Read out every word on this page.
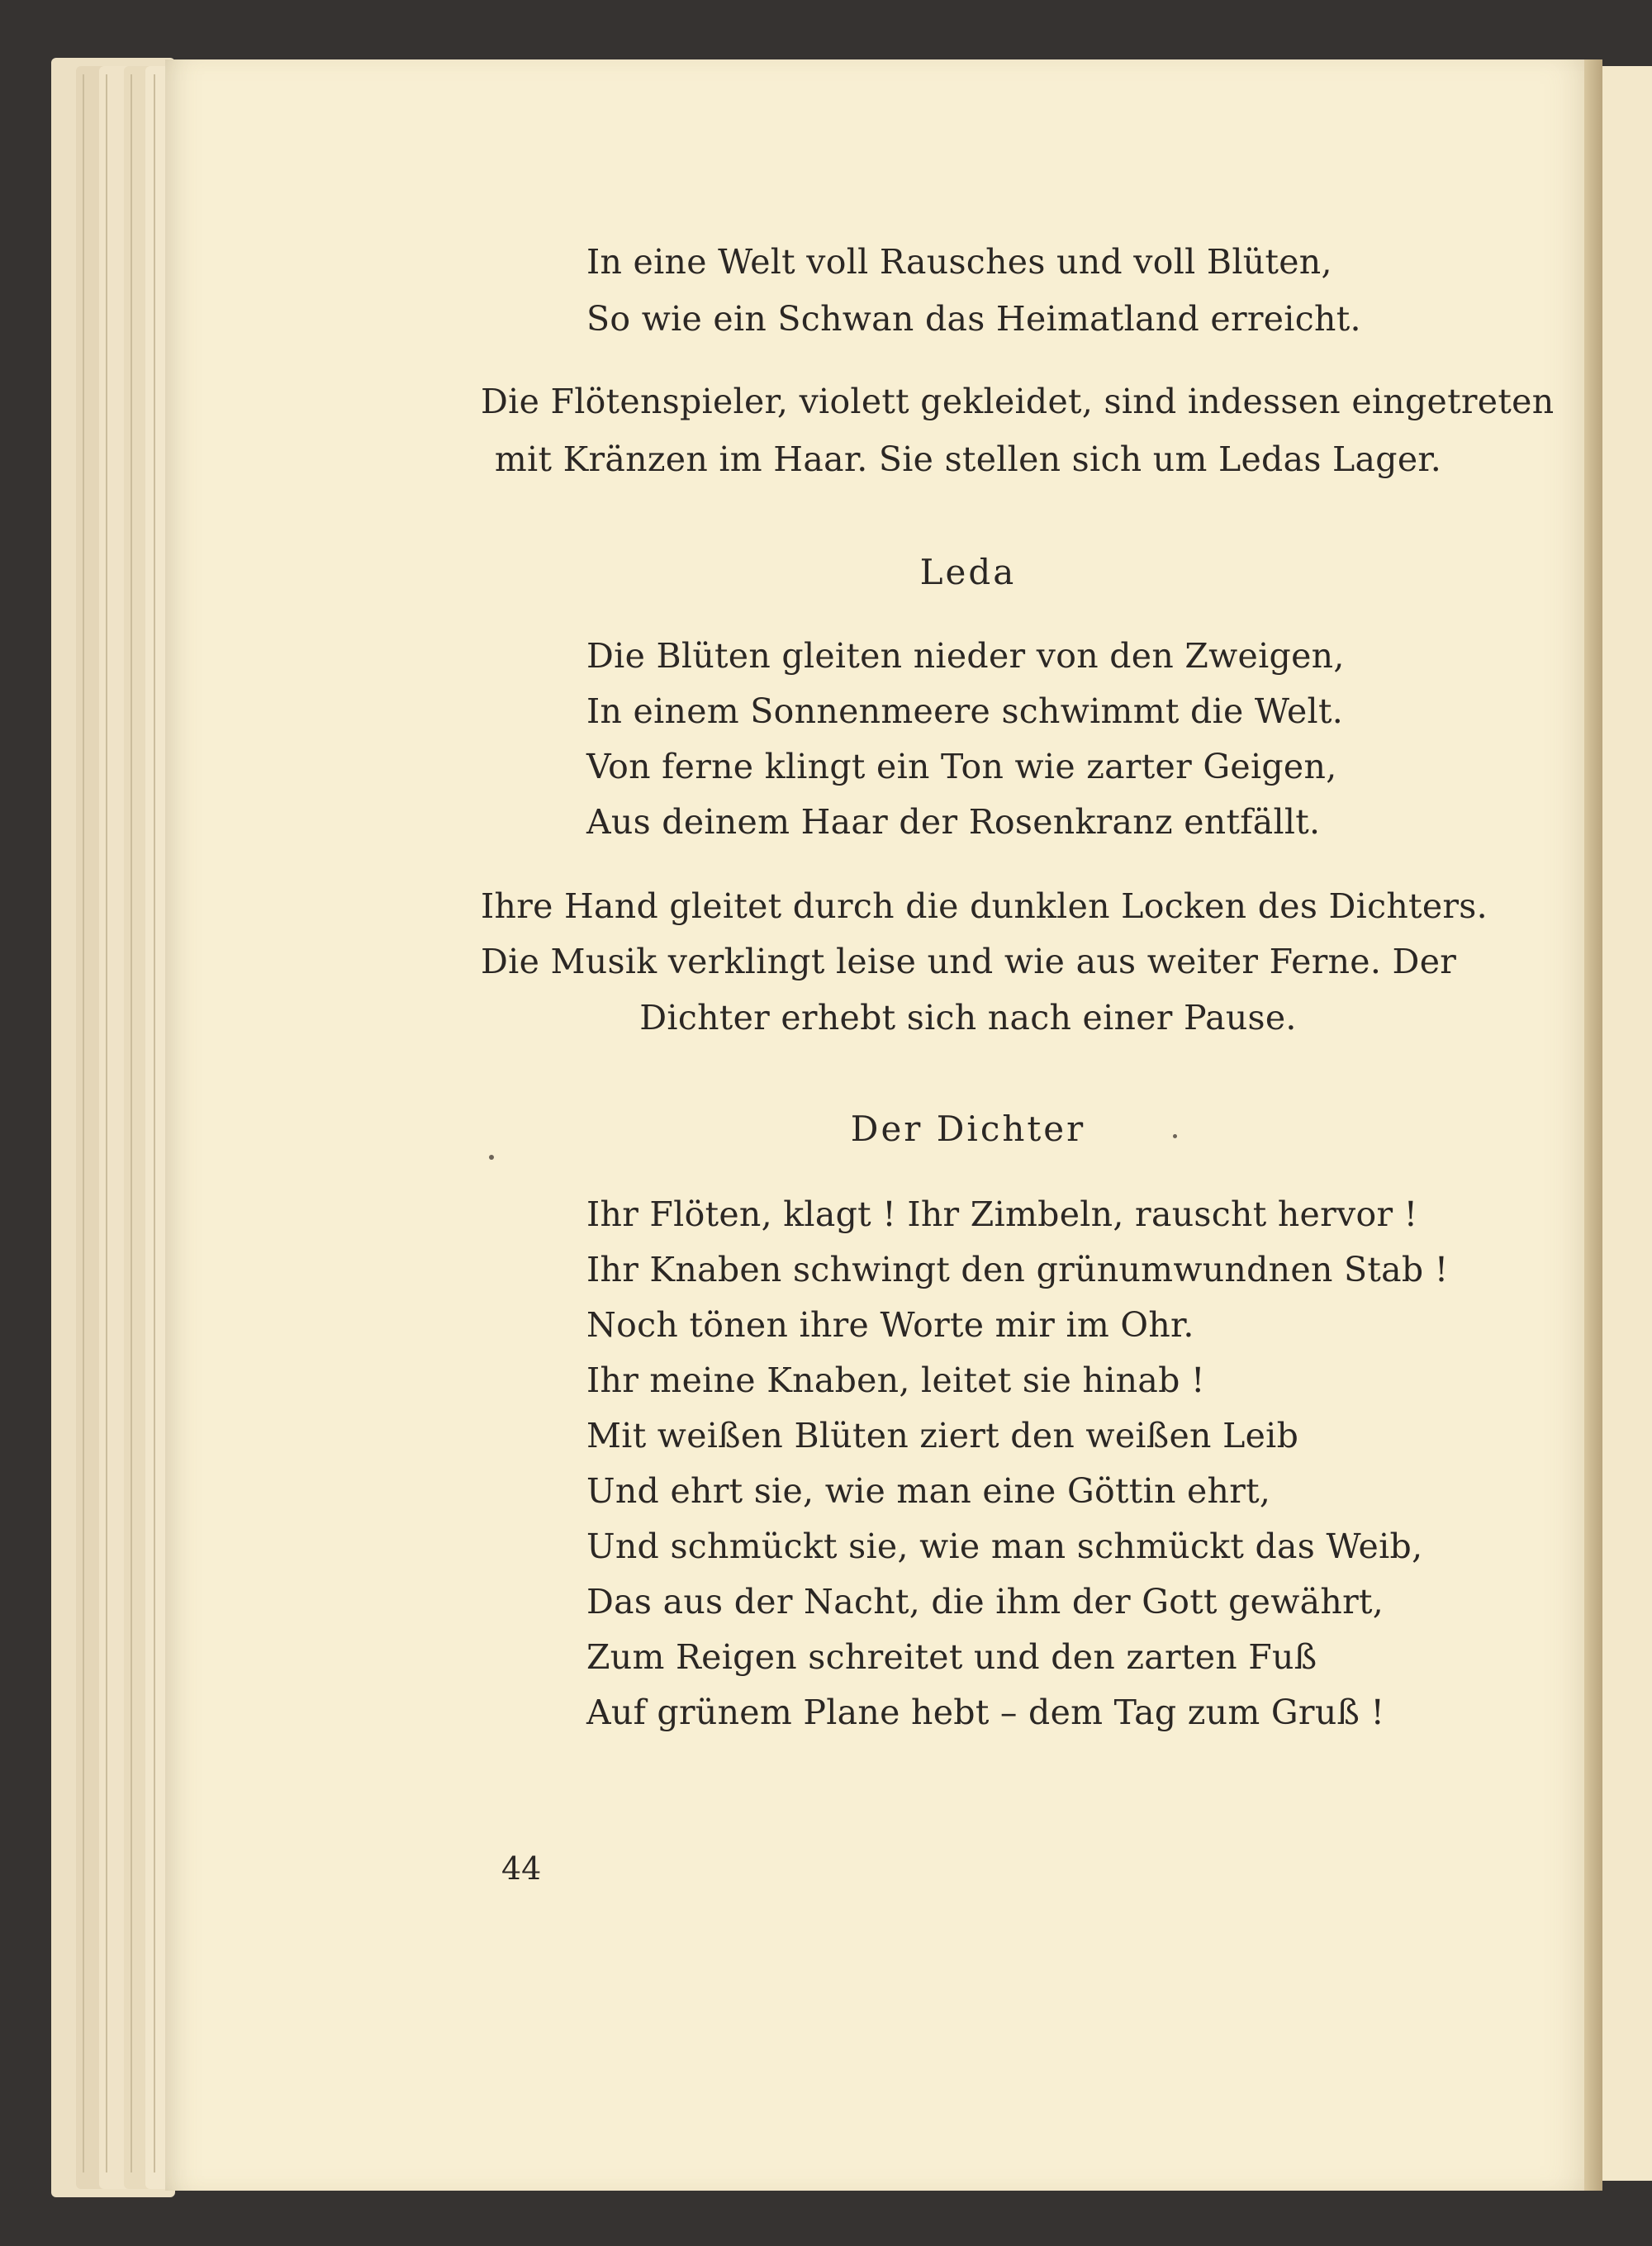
In eine Welt voll Rausches und voll Blüten,
So wie ein Schwan das Heimatland erreicht.
Die Flötenspieler, violett gekleidet, sind indessen eingetreten
mit Kränzen im Haar. Sie stellen sich um Ledas Lager.
Leda
Die Blüten gleiten nieder von den Zweigen,
In einem Sonnenmeere schwimmt die Welt.
Von ferne klingt ein Ton wie zarter Geigen,
Aus deinem Haar der Rosenkranz entfällt.
Ihre Hand gleitet durch die dunklen Locken des Dichters.
Die Musik verklingt leise und wie aus weiter Ferne. Der
Dichter erhebt sich nach einer Pause.
Der Dichter
Ihr Flöten, klagt ! Ihr Zimbeln, rauscht hervor !
Ihr Knaben schwingt den grünumwundnen Stab !
Noch tönen ihre Worte mir im Ohr.
Ihr meine Knaben, leitet sie hinab !
Mit weißen Blüten ziert den weißen Leib
Und ehrt sie, wie man eine Göttin ehrt,
Und schmückt sie, wie man schmückt das Weib,
Das aus der Nacht, die ihm der Gott gewährt,
Zum Reigen schreitet und den zarten Fuß
Auf grünem Plane hebt – dem Tag zum Gruß !
44
